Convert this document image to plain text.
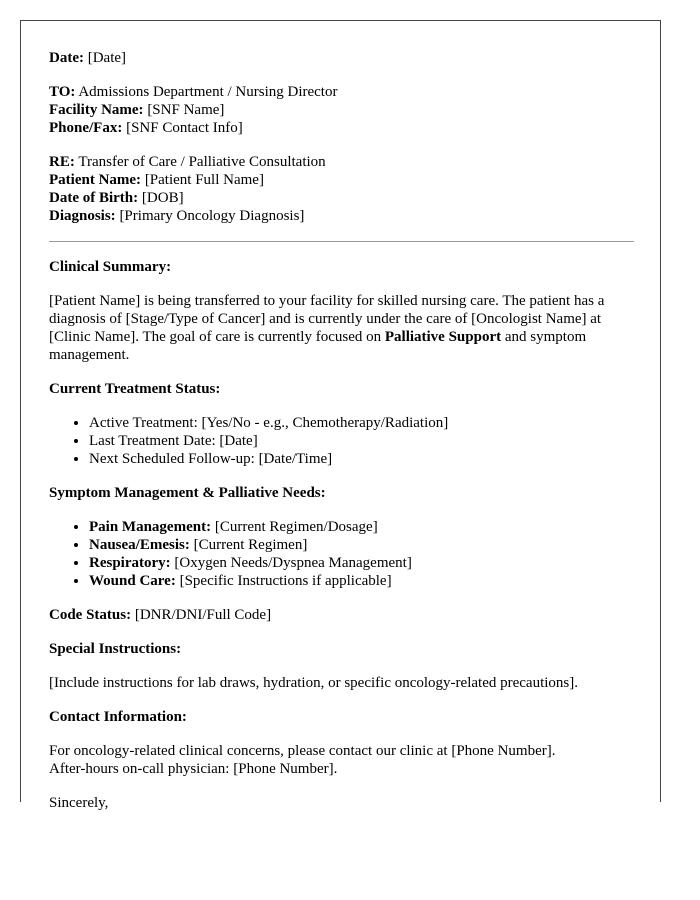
Date: [Date]

TO: Admissions Department / Nursing Director

Facility Name: [SNF Name]

Phone/Fax: [SNF Contact Info]

RE: Transfer of Care / Palliative Consultation

Patient Name: [Patient Full Name]

Date of Birth: [DOB]

Diagnosis: [Primary Oncology Diagnosis]

Clinical Summary:

[Patient Name] is being transferred to your facility for skilled nursing care. The patient has a diagnosis of [Stage/Type of Cancer] and is currently under the care of [Oncologist Name] at [Clinic Name]. The goal of care is currently focused on Palliative Support and symptom management.

Current Treatment Status:

• Active Treatment: [Yes/No - e.g., Chemotherapy/Radiation]
• Last Treatment Date: [Date]
• Next Scheduled Follow-up: [Date/Time]

Symptom Management & Palliative Needs:

• Pain Management: [Current Regimen/Dosage]
• Nausea/Emesis: [Current Regimen]
• Respiratory: [Oxygen Needs/Dyspnea Management]
• Wound Care: [Specific Instructions if applicable]

Code Status: [DNR/DNI/Full Code]

Special Instructions:

[Include instructions for lab draws, hydration, or specific oncology-related precautions].

Contact Information:

For oncology-related clinical concerns, please contact our clinic at [Phone Number].

After-hours on-call physician: [Phone Number].

Sincerely,
